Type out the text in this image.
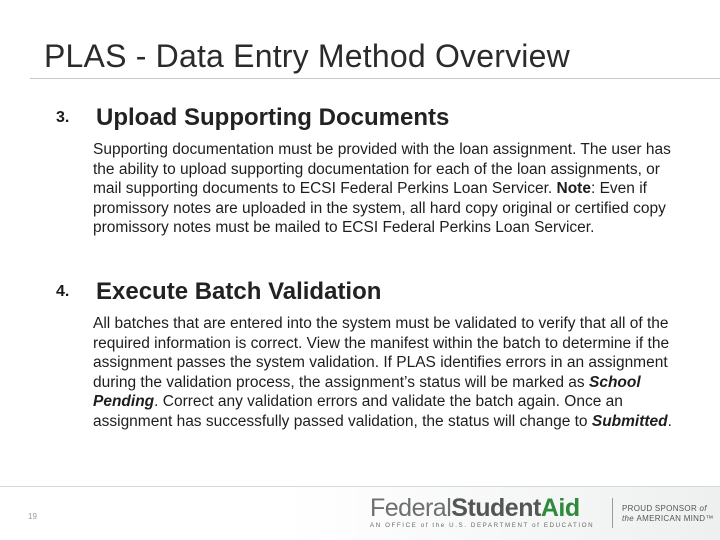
PLAS - Data Entry Method Overview
3. Upload Supporting Documents

Supporting documentation must be provided with the loan assignment. The user has the ability to upload supporting documentation for each of the loan assignments, or mail supporting documents to ECSI Federal Perkins Loan Servicer. Note: Even if promissory notes are uploaded in the system, all hard copy original or certified copy promissory notes must be mailed to ECSI Federal Perkins Loan Servicer.

4. Execute Batch Validation

All batches that are entered into the system must be validated to verify that all of the required information is correct. View the manifest within the batch to determine if the assignment passes the system validation. If PLAS identifies errors in an assignment during the validation process, the assignment’s status will be marked as School Pending. Correct any validation errors and validate the batch again. Once an assignment has successfully passed validation, the status will change to Submitted.

19	FederalStudentAid
AN OFFICE of the U.S. DEPARTMENT of EDUCATION
PROUD SPONSOR of
the AMERICAN MIND™
